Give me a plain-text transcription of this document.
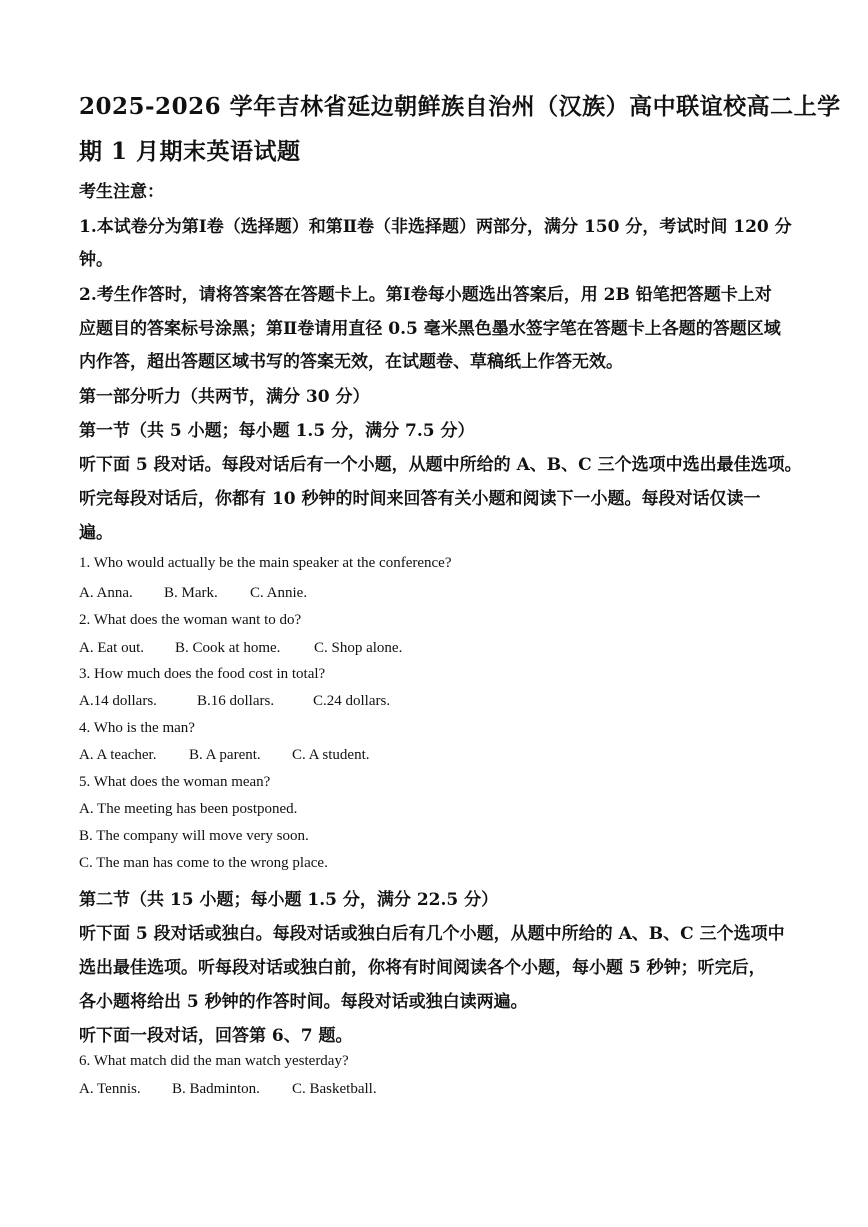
2025-2026 学年吉林省延边朝鲜族自治州（汉族）高中联谊校高二上学
期 1 月期末英语试题
考生注意：
1.本试卷分为第Ⅰ卷（选择题）和第Ⅱ卷（非选择题）两部分，满分 150 分，考试时间 120 分
钟。
2.考生作答时，请将答案答在答题卡上。第Ⅰ卷每小题选出答案后，用 2B 铅笔把答题卡上对
应题目的答案标号涂黑；第Ⅱ卷请用直径 0.5 毫米黑色墨水签字笔在答题卡上各题的答题区域
内作答，超出答题区域书写的答案无效，在试题卷、草稿纸上作答无效。
第一部分听力（共两节，满分 30 分）
第一节（共 5 小题；每小题 1.5 分，满分 7.5 分）
听下面 5 段对话。每段对话后有一个小题，从题中所给的 A、B、C 三个选项中选出最佳选项。
听完每段对话后，你都有 10 秒钟的时间来回答有关小题和阅读下一小题。每段对话仅读一
遍。
1. Who would actually be the main speaker at the conference?
A. Anna.	B. Mark.	C. Annie.
2. What does the woman want to do?
A. Eat out.	B. Cook at home.	C. Shop alone.
3. How much does the food cost in total?
A.14 dollars.	B.16 dollars.	C.24 dollars.
4. Who is the man?
A. A teacher.	B. A parent.	C. A student.
5. What does the woman mean?
A. The meeting has been postponed.
B. The company will move very soon.
C. The man has come to the wrong place.
第二节（共 15 小题；每小题 1.5 分，满分 22.5 分）
听下面 5 段对话或独白。每段对话或独白后有几个小题，从题中所给的 A、B、C 三个选项中
选出最佳选项。听每段对话或独白前，你将有时间阅读各个小题，每小题 5 秒钟；听完后，
各小题将给出 5 秒钟的作答时间。每段对话或独白读两遍。
听下面一段对话，回答第 6、7 题。
6. What match did the man watch yesterday?
A. Tennis.	B. Badminton.	C. Basketball.
